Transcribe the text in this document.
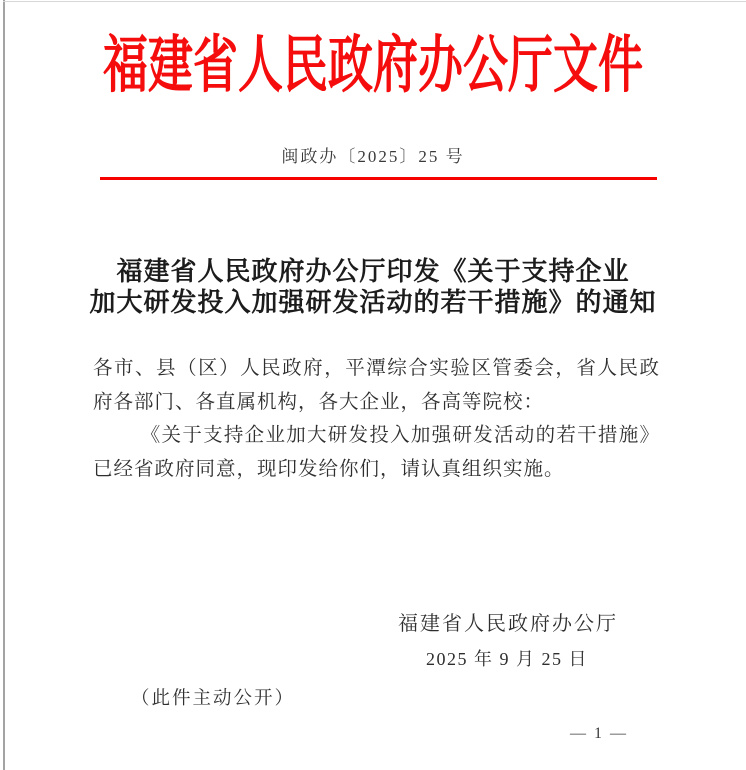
福建省人民政府办公厅文件
闽政办〔2025〕25 号
福建省人民政府办公厅印发《关于支持企业
加大研发投入加强研发活动的若干措施》的通知

各市、县（区）人民政府，平潭综合实验区管委会，省人民政府各部门、各直属机构，各大企业，各高等院校：

《关于支持企业加大研发投入加强研发活动的若干措施》已经省政府同意，现印发给你们，请认真组织实施。

福建省人民政府办公厅
2025 年 9 月 25 日
（此件主动公开）
— 1 —
